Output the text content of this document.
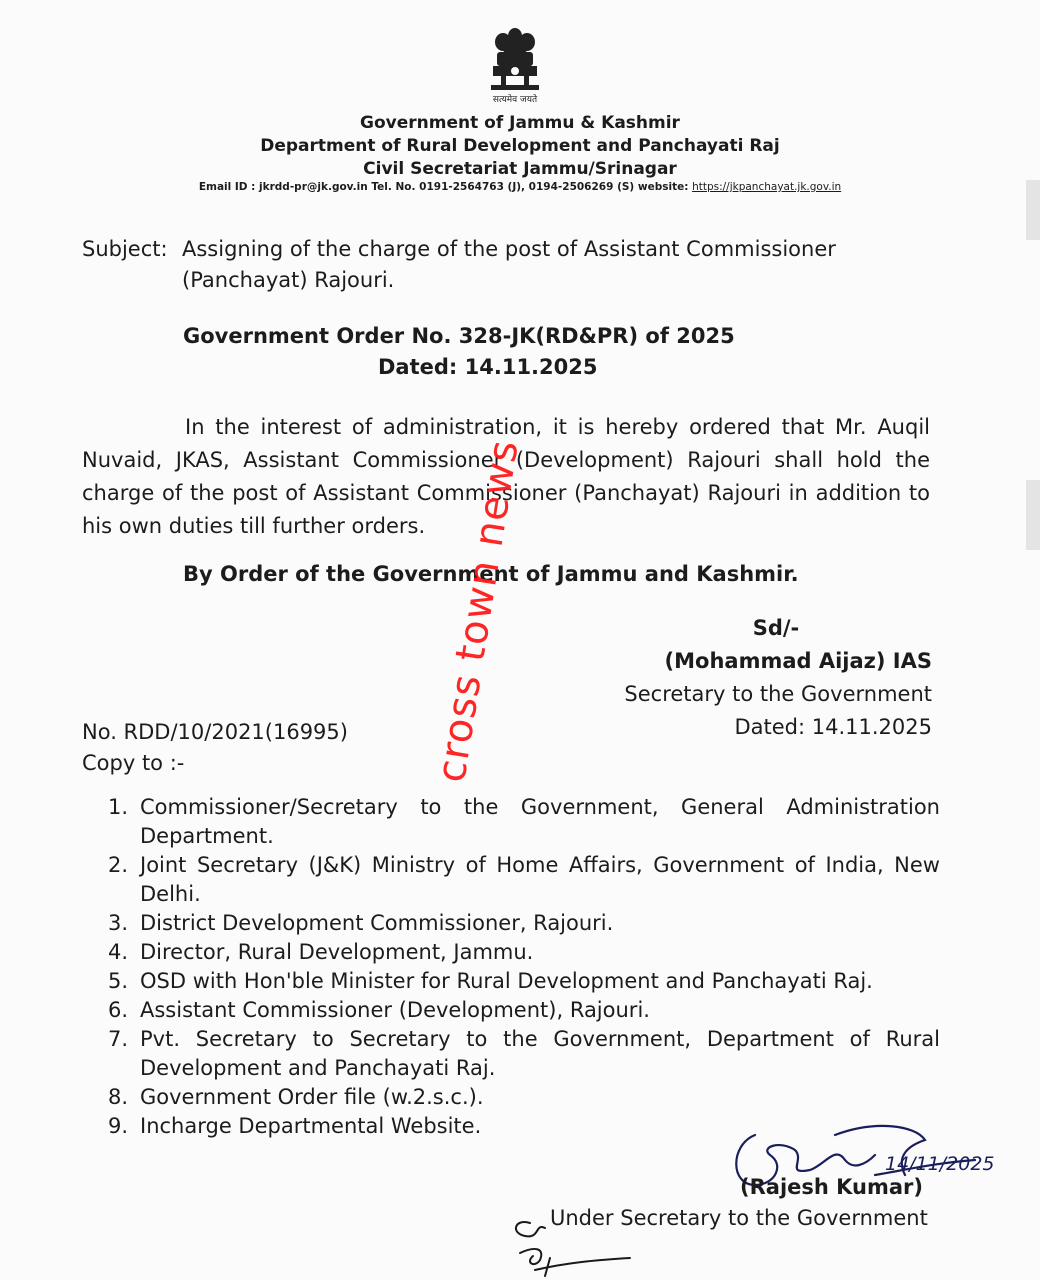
सत्यमेव जयते
Government of Jammu & Kashmir
Department of Rural Development and Panchayati Raj
Civil Secretariat Jammu/Srinagar
Email ID : jkrdd-pr@jk.gov.in Tel. No. 0191-2564763 (J), 0194-2506269 (S) website: https://jkpanchayat.jk.gov.in
Subject: Assigning of the charge of the post of Assistant Commissioner (Panchayat) Rajouri.
Government Order No. 328-JK(RD&PR) of 2025
Dated: 14.11.2025
In the interest of administration, it is hereby ordered that Mr. Auqil Nuvaid, JKAS, Assistant Commissioner (Development) Rajouri shall hold the charge of the post of Assistant Commissioner (Panchayat) Rajouri in addition to his own duties till further orders.
By Order of the Government of Jammu and Kashmir.
Sd/-
(Mohammad Aijaz) IAS
Secretary to the Government
Dated: 14.11.2025
No. RDD/10/2021(16995)
Copy to :-
1. Commissioner/Secretary to the Government, General Administration Department.
2. Joint Secretary (J&K) Ministry of Home Affairs, Government of India, New Delhi.
3. District Development Commissioner, Rajouri.
4. Director, Rural Development, Jammu.
5. OSD with Hon'ble Minister for Rural Development and Panchayati Raj.
6. Assistant Commissioner (Development), Rajouri.
7. Pvt. Secretary to Secretary to the Government, Department of Rural Development and Panchayati Raj.
8. Government Order file (w.2.s.c.).
9. Incharge Departmental Website.
14/11/2025
(Rajesh Kumar)
Under Secretary to the Government
cross town news
